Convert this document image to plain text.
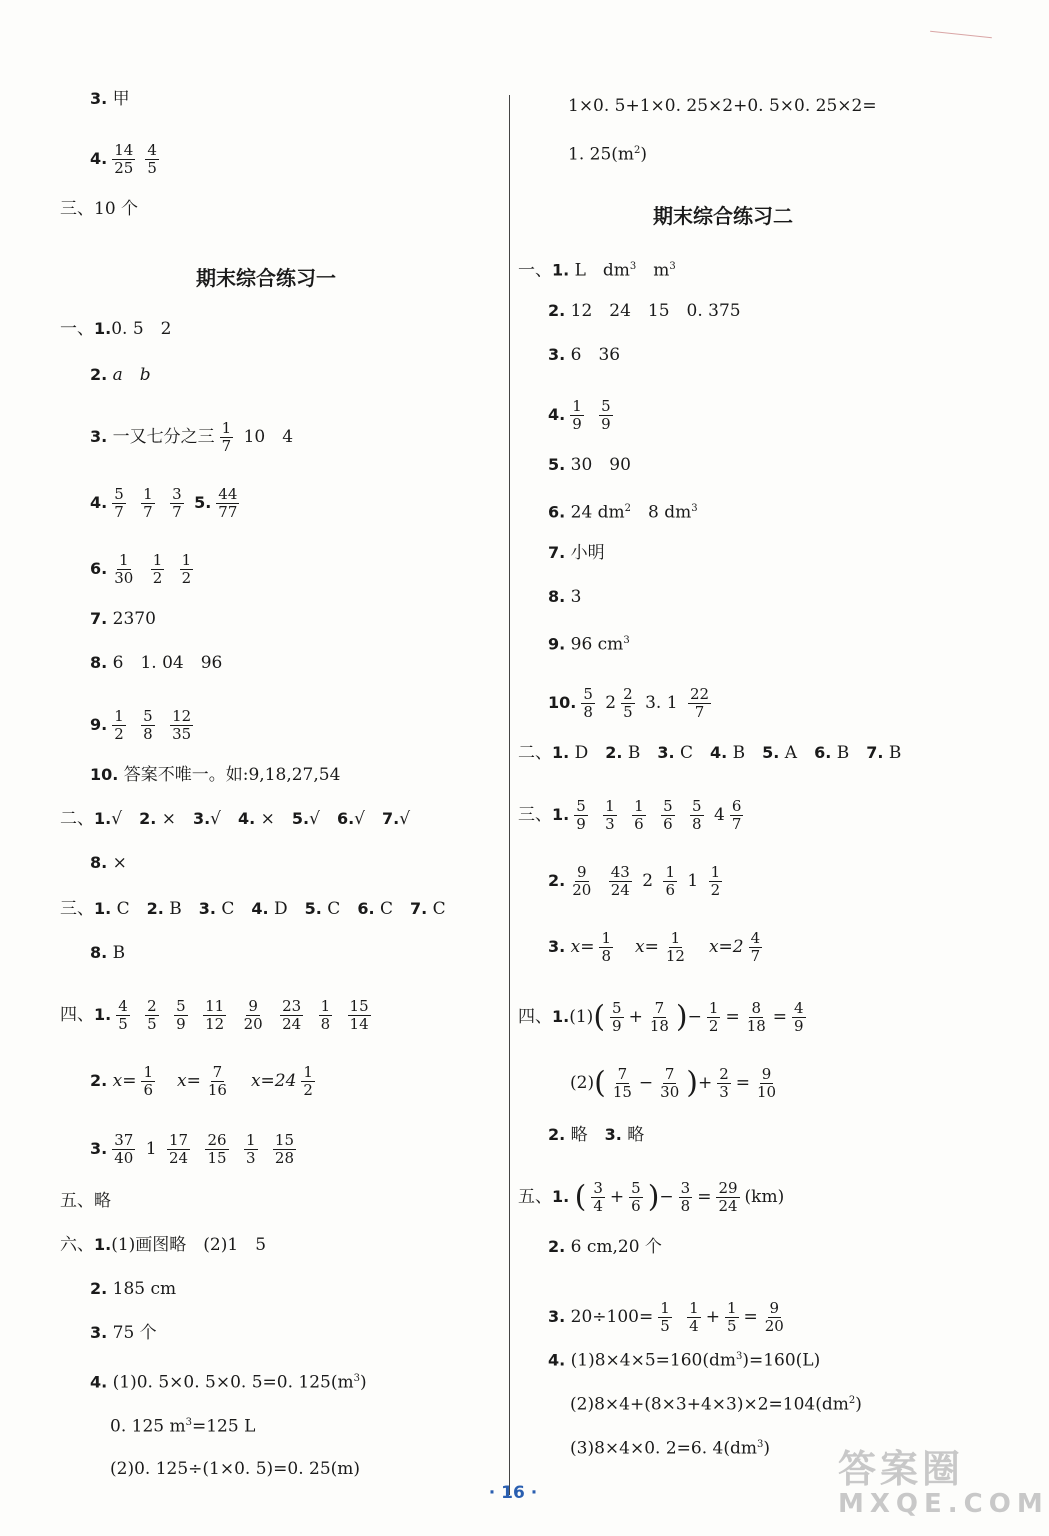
3. 甲
4. $\frac{14}{25} \frac{4}{5}$
三、10 个
期末综合练习一
一、1.0. 5　2
2. a　b
3. 一又七分之三 $\frac{1}{7} 10$　4
4. $\frac{5}{7}$
$\frac{1}{7}$
$\frac{3}{7} 5$. $\frac{44}{77}$
6. $\frac{1}{30}$
$\frac{1}{2}$
$\frac{1}{2}$
7. 2370
8. 6　1. 04　96
9. $\frac{1}{2}$
$\frac{5}{8}$
$\frac{12}{35}$
10. 答案不唯一。如:9,18,27,54
二、1.√　 2. ×　 3.√　 4. ×　 5.√　 6.√　 7.√
8. ×
三、1. C　 2. B　 3. C　 4. D　 5. C　 6. C　 7. C
8. B
四、1. $\frac{4}{5}$
$\frac{2}{5}$
$\frac{5}{9}$
$\frac{11}{12}$
$\frac{9}{20}$
$\frac{23}{24}$
$\frac{1}{8}$
$\frac{15}{14}$
2. $x= \frac{1}{6}$
　 $x= \frac{7}{16}$
　 $x=24 \frac{1}{2}$
3. $\frac{37}{40} 1 \frac{17}{24}$
$\frac{26}{15}$
$\frac{1}{3}$
$\frac{15}{28}$
五、略
六、1.(1)画图略　(2)1　5
2. 185 cm
3. 75 个
4. (1)0. 5×0. 5×0. 5=0. $125(m^3)$
0. 125 $m^3=125$ L
(2)0. 125÷(1×0. 5)=0. 25(m)
1×0. 5+1×0. 25×2+0. 5×0. 25×2=
1. $25(m^2)$
期末综合练习二
一、1. L　$dm^3$　$m^3$
2. 12　24　15　0. 375
3. 6　36
4. $\frac{1}{9}$
$\frac{5}{9}$
5. 30　90
6. 24 $dm^2$　8 $dm^3$
7. 小明
8. 3
9. 96 $cm^3$
10. $\frac{5}{8} 2 \frac{2}{5} 3$. $1 \frac{22}{7}$
二、1. D　 2. B　 3. C　 4. B　 5. A　 6. B　 7. B
三、1. $\frac{5}{9}$
$\frac{1}{3}$
$\frac{1}{6}$
$\frac{5}{6}$
$\frac{5}{8} 4 \frac{6}{7}$
2. $\frac{9}{20}$
$\frac{43}{24} 2 \frac{1}{6} 1 \frac{1}{2}$
3. $x= \frac{1}{8}$
　 $x= \frac{1}{12}$
　 $x=2 \frac{4}{7}$
四、$1.(1)( \frac{5}{9} + \frac{7}{18}$ )− $\frac{1}{2} = \frac{8}{18} = \frac{4}{9}$
$(2)( \frac{7}{15} - \frac{7}{30}$ )+ $\frac{2}{3} = \frac{9}{10}$
2. 略　 3. 略
五、1. ( $\frac{3}{4} + \frac{5}{6}$ )− $\frac{3}{8} = \frac{29}{24} (km)$
2. 6 cm,20 个
3. $20\div 100= \frac{1}{5}$
$\frac{1}{4} + \frac{1}{5} = \frac{9}{20}$
4. $(1)8\times 4\times 5=160(dm^3)=160(L)$
$(2)8\times 4+(8\times 3+4\times 3)\times 2=104(dm^2)$
(3)8×4×0. 2=6. $4(dm^3)$
· 16 ·
答案圈
MXQE.COM
